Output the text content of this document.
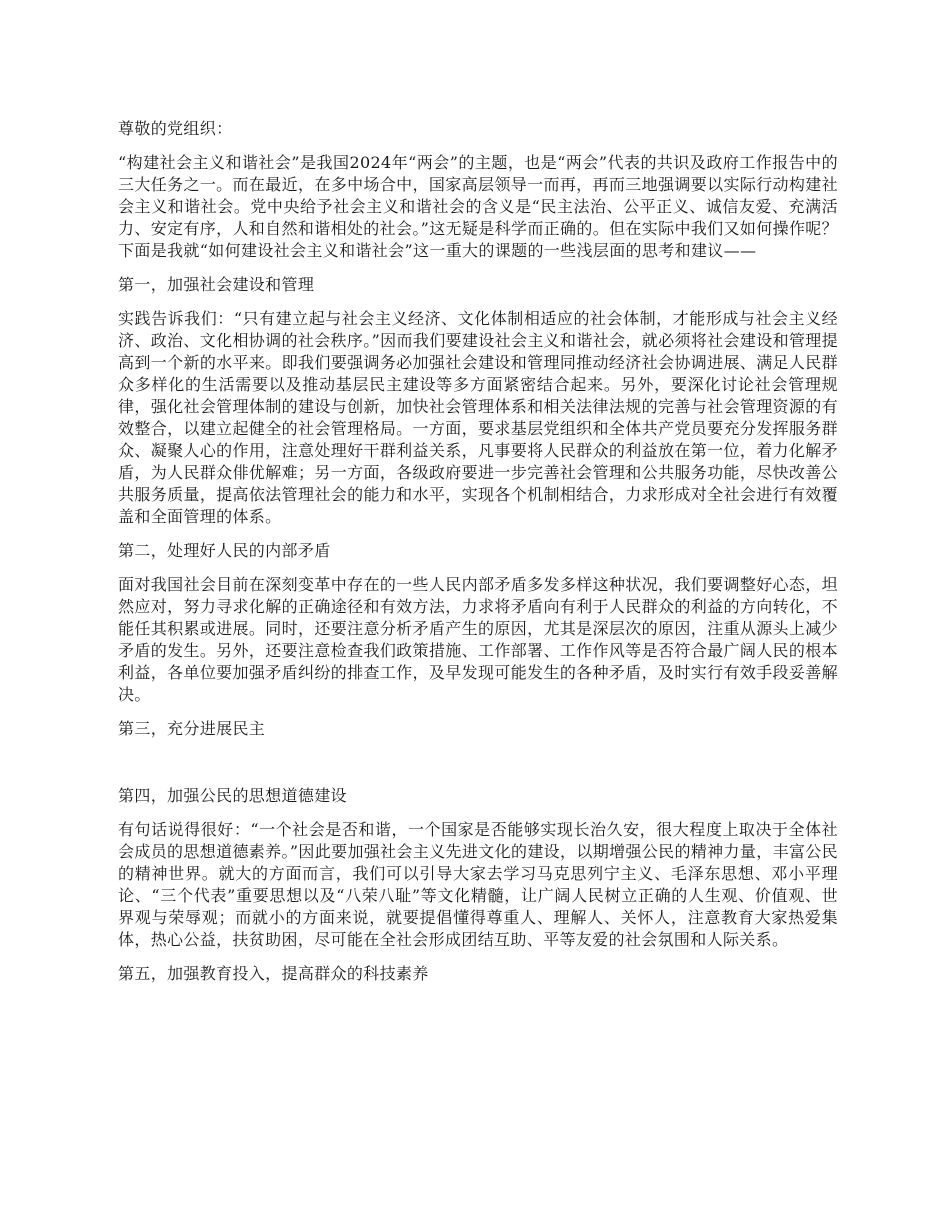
尊敬的党组织：

“构建社会主义和谐社会”是我国2024年“两会”的主题，也是“两会”代表的共识及政府工作报告中的三大任务之一。而在最近，在多中场合中，国家高层领导一而再，再而三地强调要以实际行动构建社会主义和谐社会。党中央给予社会主义和谐社会的含义是“民主法治、公平正义、诚信友爱、充满活力、安定有序，人和自然和谐相处的社会。”这无疑是科学而正确的。但在实际中我们又如何操作呢？下面是我就“如何建设社会主义和谐社会”这一重大的课题的一些浅层面的思考和建议——

第一，加强社会建设和管理

实践告诉我们：“只有建立起与社会主义经济、文化体制相适应的社会体制，才能形成与社会主义经济、政治、文化相协调的社会秩序。”因而我们要建设社会主义和谐社会，就必须将社会建设和管理提高到一个新的水平来。即我们要强调务必加强社会建设和管理同推动经济社会协调进展、满足人民群众多样化的生活需要以及推动基层民主建设等多方面紧密结合起来。另外，要深化讨论社会管理规律，强化社会管理体制的建设与创新，加快社会管理体系和相关法律法规的完善与社会管理资源的有效整合，以建立起健全的社会管理格局。一方面，要求基层党组织和全体共产党员要充分发挥服务群众、凝聚人心的作用，注意处理好干群利益关系，凡事要将人民群众的利益放在第一位，着力化解矛盾，为人民群众俳优解难；另一方面，各级政府要进一步完善社会管理和公共服务功能，尽快改善公共服务质量，提高依法管理社会的能力和水平，实现各个机制相结合，力求形成对全社会进行有效覆盖和全面管理的体系。

第二，处理好人民的内部矛盾

面对我国社会目前在深刻变革中存在的一些人民内部矛盾多发多样这种状况，我们要调整好心态，坦然应对，努力寻求化解的正确途径和有效方法，力求将矛盾向有利于人民群众的利益的方向转化，不能任其积累或进展。同时，还要注意分析矛盾产生的原因，尤其是深层次的原因，注重从源头上减少矛盾的发生。另外，还要注意检查我们政策措施、工作部署、工作作风等是否符合最广阔人民的根本利益，各单位要加强矛盾纠纷的排查工作，及早发现可能发生的各种矛盾，及时实行有效手段妥善解决。

第三，充分进展民主

第四，加强公民的思想道德建设

有句话说得很好：“一个社会是否和谐，一个国家是否能够实现长治久安，很大程度上取决于全体社会成员的思想道德素养。”因此要加强社会主义先进文化的建设，以期增强公民的精神力量，丰富公民的精神世界。就大的方面而言，我们可以引导大家去学习马克思列宁主义、毛泽东思想、邓小平理论、“三个代表”重要思想以及“八荣八耻”等文化精髓，让广阔人民树立正确的人生观、价值观、世界观与荣辱观；而就小的方面来说，就要提倡懂得尊重人、理解人、关怀人，注意教育大家热爱集体，热心公益，扶贫助困，尽可能在全社会形成团结互助、平等友爱的社会氛围和人际关系。

第五，加强教育投入，提高群众的科技素养
